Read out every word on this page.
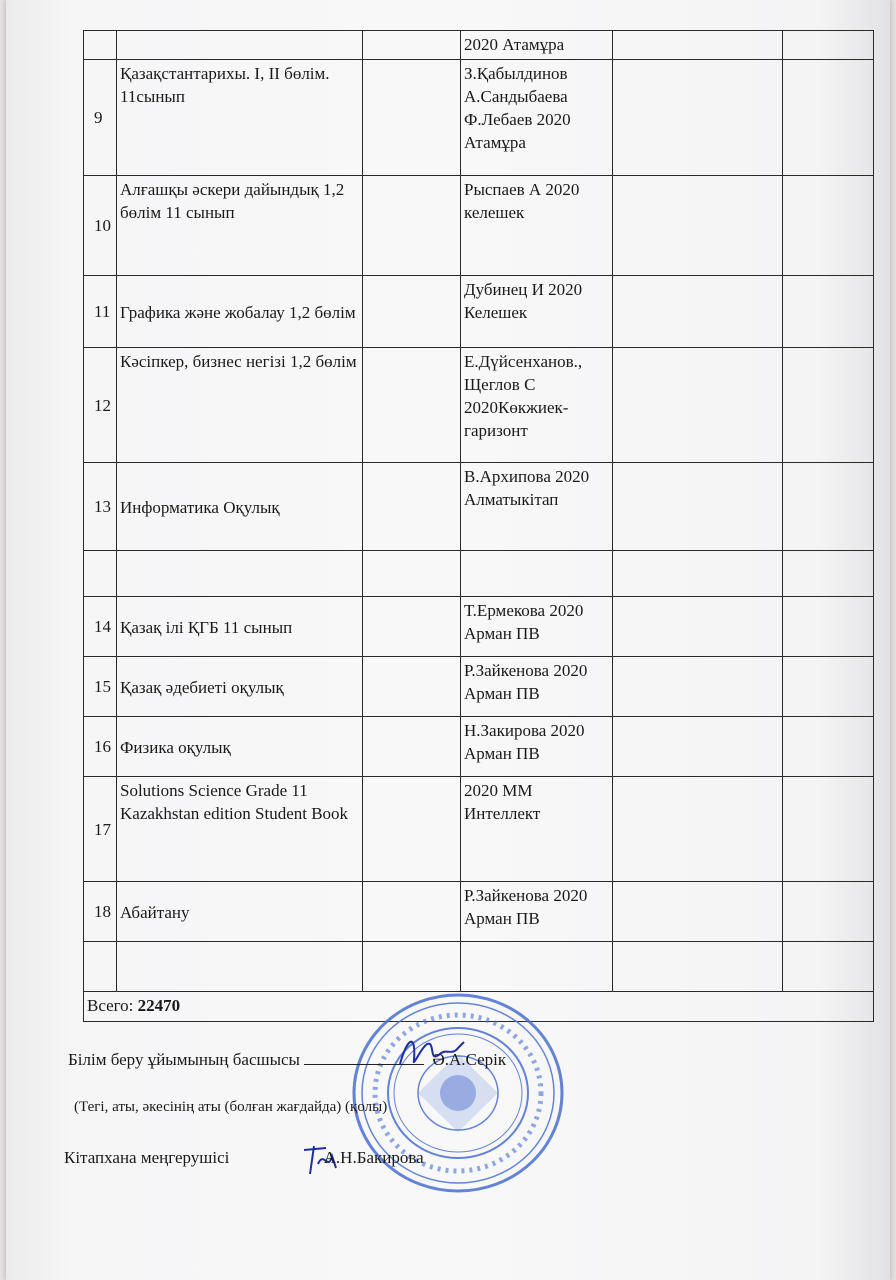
			2020 Атамұра		
9	Қазақстантарихы. I, II бөлім. 11сынып		З.Қабылдинов А.Сандыбаева Ф.Лебаев 2020 Атамұра		
10	Алғашқы әскери дайындық 1,2 бөлім 11 сынып		Рыспаев А 2020 келешек		
11	Графика және жобалау 1,2 бөлім		Дубинец И 2020 Келешек		
12	Кәсіпкер, бизнес негізі 1,2 бөлім		Е.Дүйсенханов., Щеглов С 2020Көкжиек-гаризонт		
13	Информатика Оқулық		В.Архипова 2020 Алматыкітап		

14	Қазақ ілі ҚГБ 11 сынып		Т.Ермекова 2020 Арман ПВ		
15	Қазақ әдебиеті оқулық		Р.Зайкенова 2020 Арман ПВ		
16	Физика оқулық		Н.Закирова 2020 Арман ПВ		
17	Solutions Science Grade 11 Kazakhstan edition Student Book		2020 ММ Интеллект		
18	Абайтану		Р.Зайкенова 2020 Арман ПВ		

Всего: 22470					
Білім беру ұйымының басшысы	Ә.А.Серік
(Тегі, аты, әкесінің аты (болған жағдайда) (қолы)
Кітапхана меңгерушісі	А.Н.Бакирова
